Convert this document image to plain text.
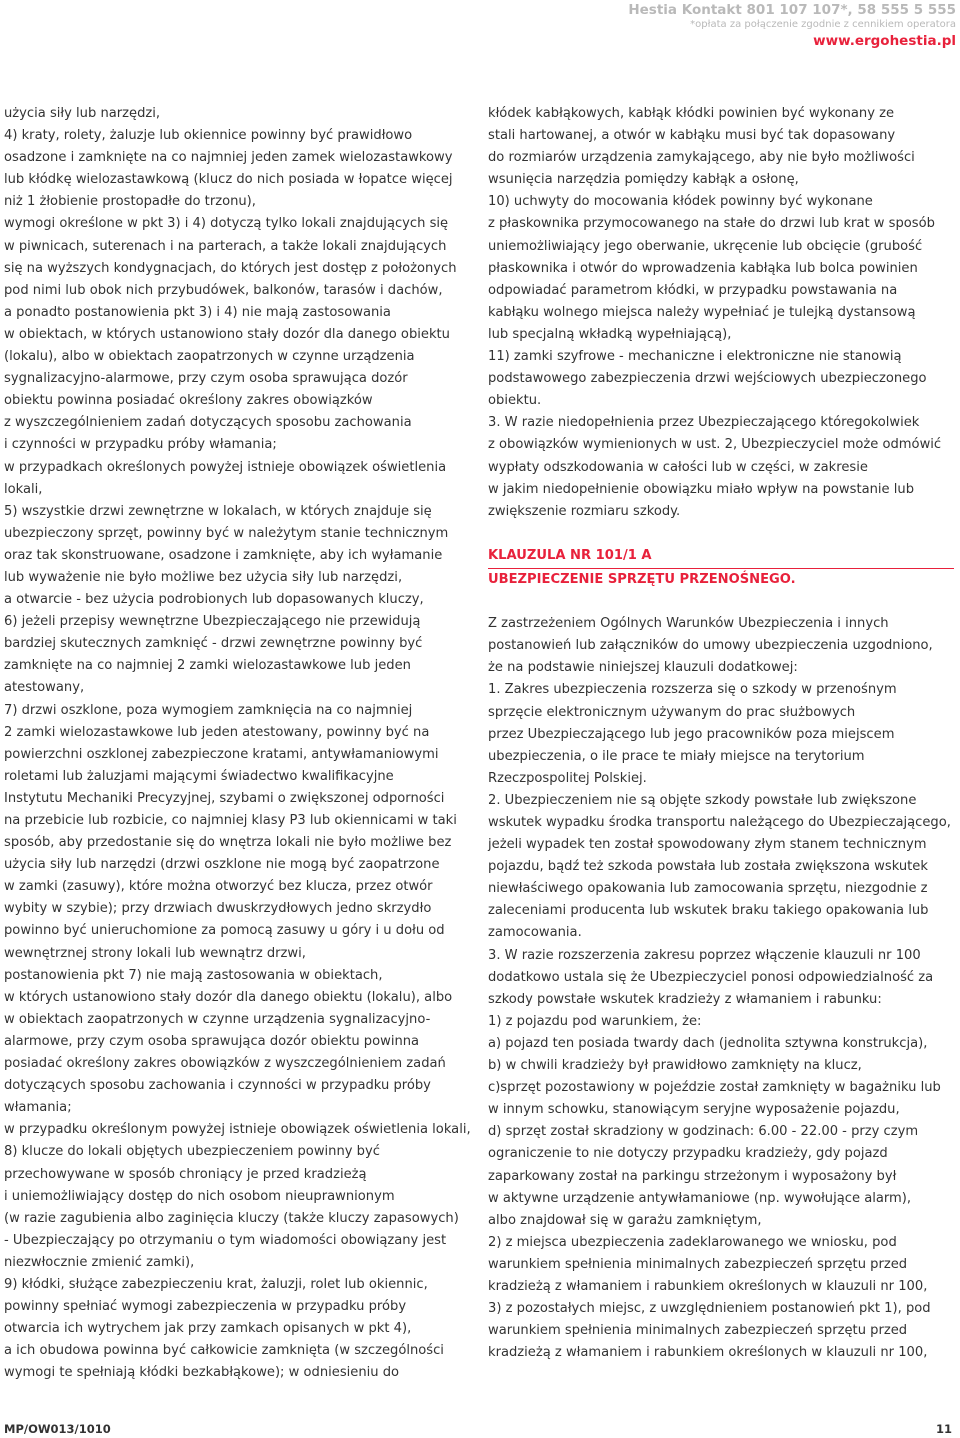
Hestia Kontakt 801 107 107*, 58 555 5 555
*opłata za połączenie zgodnie z cennikiem operatora
www.ergohestia.pl
użycia siły lub narzędzi,
4) kraty, rolety, żaluzje lub okiennice powinny być prawidłowo
osadzone i zamknięte na co najmniej jeden zamek wielozastawkowy
lub kłódkę wielozastawkową (klucz do nich posiada w łopatce więcej
niż 1 żłobienie prostopadłe do trzonu),
wymogi określone w pkt 3) i 4) dotyczą tylko lokali znajdujących się
w piwnicach, suterenach i na parterach, a także lokali znajdujących
się na wyższych kondygnacjach, do których jest dostęp z położonych
pod nimi lub obok nich przybudówek, balkonów, tarasów i dachów,
a ponadto postanowienia pkt 3) i 4) nie mają zastosowania
w obiektach, w których ustanowiono stały dozór dla danego obiektu
(lokalu), albo w obiektach zaopatrzonych w czynne urządzenia
sygnalizacyjno-alarmowe, przy czym osoba sprawująca dozór
obiektu powinna posiadać określony zakres obowiązków
z wyszczególnieniem zadań dotyczących sposobu zachowania
i czynności w przypadku próby włamania;
w przypadkach określonych powyżej istnieje obowiązek oświetlenia
lokali,
5) wszystkie drzwi zewnętrzne w lokalach, w których znajduje się
ubezpieczony sprzęt, powinny być w należytym stanie technicznym
oraz tak skonstruowane, osadzone i zamknięte, aby ich wyłamanie
lub wyważenie nie było możliwe bez użycia siły lub narzędzi,
a otwarcie - bez użycia podrobionych lub dopasowanych kluczy,
6) jeżeli przepisy wewnętrzne Ubezpieczającego nie przewidują
bardziej skutecznych zamknięć - drzwi zewnętrzne powinny być
zamknięte na co najmniej 2 zamki wielozastawkowe lub jeden
atestowany,
7) drzwi oszklone, poza wymogiem zamknięcia na co najmniej
2 zamki wielozastawkowe lub jeden atestowany, powinny być na
powierzchni oszklonej zabezpieczone kratami, antywłamaniowymi
roletami lub żaluzjami mającymi świadectwo kwalifikacyjne
Instytutu Mechaniki Precyzyjnej, szybami o zwiększonej odporności
na przebicie lub rozbicie, co najmniej klasy P3 lub okiennicami w taki
sposób, aby przedostanie się do wnętrza lokali nie było możliwe bez
użycia siły lub narzędzi (drzwi oszklone nie mogą być zaopatrzone
w zamki (zasuwy), które można otworzyć bez klucza, przez otwór
wybity w szybie); przy drzwiach dwuskrzydłowych jedno skrzydło
powinno być unieruchomione za pomocą zasuwy u góry i u dołu od
wewnętrznej strony lokali lub wewnątrz drzwi,
postanowienia pkt 7) nie mają zastosowania w obiektach,
w których ustanowiono stały dozór dla danego obiektu (lokalu), albo
w obiektach zaopatrzonych w czynne urządzenia sygnalizacyjno-
alarmowe, przy czym osoba sprawująca dozór obiektu powinna
posiadać określony zakres obowiązków z wyszczególnieniem zadań
dotyczących sposobu zachowania i czynności w przypadku próby
włamania;
w przypadku określonym powyżej istnieje obowiązek oświetlenia lokali,
8) klucze do lokali objętych ubezpieczeniem powinny być
przechowywane w sposób chroniący je przed kradzieżą
i uniemożliwiający dostęp do nich osobom nieuprawnionym
(w razie zagubienia albo zaginięcia kluczy (także kluczy zapasowych)
- Ubezpieczający po otrzymaniu o tym wiadomości obowiązany jest
niezwłocznie zmienić zamki),
9) kłódki, służące zabezpieczeniu krat, żaluzji, rolet lub okiennic,
powinny spełniać wymogi zabezpieczenia w przypadku próby
otwarcia ich wytrychem jak przy zamkach opisanych w pkt 4),
a ich obudowa powinna być całkowicie zamknięta (w szczególności
wymogi te spełniają kłódki bezkabłąkowe); w odniesieniu do
kłódek kabłąkowych, kabłąk kłódki powinien być wykonany ze
stali hartowanej, a otwór w kabłąku musi być tak dopasowany
do rozmiarów urządzenia zamykającego, aby nie było możliwości
wsunięcia narzędzia pomiędzy kabłąk a osłonę,
10) uchwyty do mocowania kłódek powinny być wykonane
z płaskownika przymocowanego na stałe do drzwi lub krat w sposób
uniemożliwiający jego oberwanie, ukręcenie lub obcięcie (grubość
płaskownika i otwór do wprowadzenia kabłąka lub bolca powinien
odpowiadać parametrom kłódki, w przypadku powstawania na
kabłąku wolnego miejsca należy wypełniać je tulejką dystansową
lub specjalną wkładką wypełniającą),
11) zamki szyfrowe - mechaniczne i elektroniczne nie stanowią
podstawowego zabezpieczenia drzwi wejściowych ubezpieczonego
obiektu.
3. W razie niedopełnienia przez Ubezpieczającego któregokolwiek
z obowiązków wymienionych w ust. 2, Ubezpieczyciel może odmówić
wypłaty odszkodowania w całości lub w części, w zakresie
w jakim niedopełnienie obowiązku miało wpływ na powstanie lub
zwiększenie rozmiaru szkody.
KLAUZULA NR 101/1 A
UBEZPIECZENIE SPRZĘTU PRZENOŚNEGO.
Z zastrzeżeniem Ogólnych Warunków Ubezpieczenia i innych
postanowień lub załączników do umowy ubezpieczenia uzgodniono,
że na podstawie niniejszej klauzuli dodatkowej:
1. Zakres ubezpieczenia rozszerza się o szkody w przenośnym
sprzęcie elektronicznym używanym do prac służbowych
przez Ubezpieczającego lub jego pracowników poza miejscem
ubezpieczenia, o ile prace te miały miejsce na terytorium
Rzeczpospolitej Polskiej.
2. Ubezpieczeniem nie są objęte szkody powstałe lub zwiększone
wskutek wypadku środka transportu należącego do Ubezpieczającego,
jeżeli wypadek ten został spowodowany złym stanem technicznym
pojazdu, bądź też szkoda powstała lub została zwiększona wskutek
niewłaściwego opakowania lub zamocowania sprzętu, niezgodnie z
zaleceniami producenta lub wskutek braku takiego opakowania lub
zamocowania.
3. W razie rozszerzenia zakresu poprzez włączenie klauzuli nr 100
dodatkowo ustala się że Ubezpieczyciel ponosi odpowiedzialność za
szkody powstałe wskutek kradzieży z włamaniem i rabunku:
1) z pojazdu pod warunkiem, że:
a) pojazd ten posiada twardy dach (jednolita sztywna konstrukcja),
b) w chwili kradzieży był prawidłowo zamknięty na klucz,
c)sprzęt pozostawiony w pojeździe został zamknięty w bagażniku lub
w innym schowku, stanowiącym seryjne wyposażenie pojazdu,
d) sprzęt został skradziony w godzinach: 6.00 - 22.00 - przy czym
ograniczenie to nie dotyczy przypadku kradzieży, gdy pojazd
zaparkowany został na parkingu strzeżonym i wyposażony był
w aktywne urządzenie antywłamaniowe (np. wywołujące alarm),
albo znajdował się w garażu zamkniętym,
2) z miejsca ubezpieczenia zadeklarowanego we wniosku, pod
warunkiem spełnienia minimalnych zabezpieczeń sprzętu przed
kradzieżą z włamaniem i rabunkiem określonych w klauzuli nr 100,
3) z pozostałych miejsc, z uwzględnieniem postanowień pkt 1), pod
warunkiem spełnienia minimalnych zabezpieczeń sprzętu przed
kradzieżą z włamaniem i rabunkiem określonych w klauzuli nr 100,
MP/OW013/1010	11
